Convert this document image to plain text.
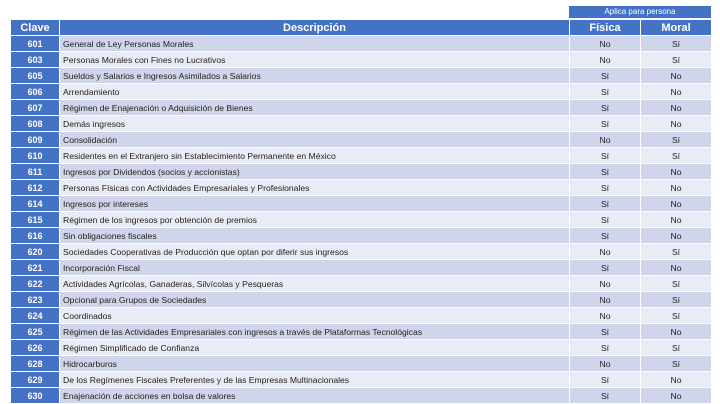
Aplica para persona
Clave	Descripción	Física	Moral
601	General de Ley Personas Morales	No	Sí
603	Personas Morales con Fines no Lucrativos	No	Sí
605	Sueldos y Salarios e Ingresos Asimilados a Salarios	Sí	No
606	Arrendamiento	Sí	No
607	Régimen de Enajenación o Adquisición de Bienes	Sí	No
608	Demás ingresos	Sí	No
609	Consolidación	No	Sí
610	Residentes en el Extranjero sin Establecimiento Permanente en México	Sí	Sí
611	Ingresos por Dividendos (socios y accionistas)	Sí	No
612	Personas Físicas con Actividades Empresariales y Profesionales	Sí	No
614	Ingresos por intereses	Sí	No
615	Régimen de los ingresos por obtención de premios	Sí	No
616	Sin obligaciones fiscales	Sí	No
620	Sociedades Cooperativas de Producción que optan por diferir sus ingresos	No	Sí
621	Incorporación Fiscal	Sí	No
622	Actividades Agrícolas, Ganaderas, Silvícolas y Pesqueras	No	Sí
623	Opcional para Grupos de Sociedades	No	Sí
624	Coordinados	No	Sí
625	Régimen de las Actividades Empresariales con ingresos a través de Plataformas Tecnológicas	Sí	No
626	Régimen Simplificado de Confianza	Sí	Sí
628	Hidrocarburos	No	Sí
629	De los Regímenes Fiscales Preferentes y de las Empresas Multinacionales	Sí	No
630	Enajenación de acciones en bolsa de valores	Sí	No
